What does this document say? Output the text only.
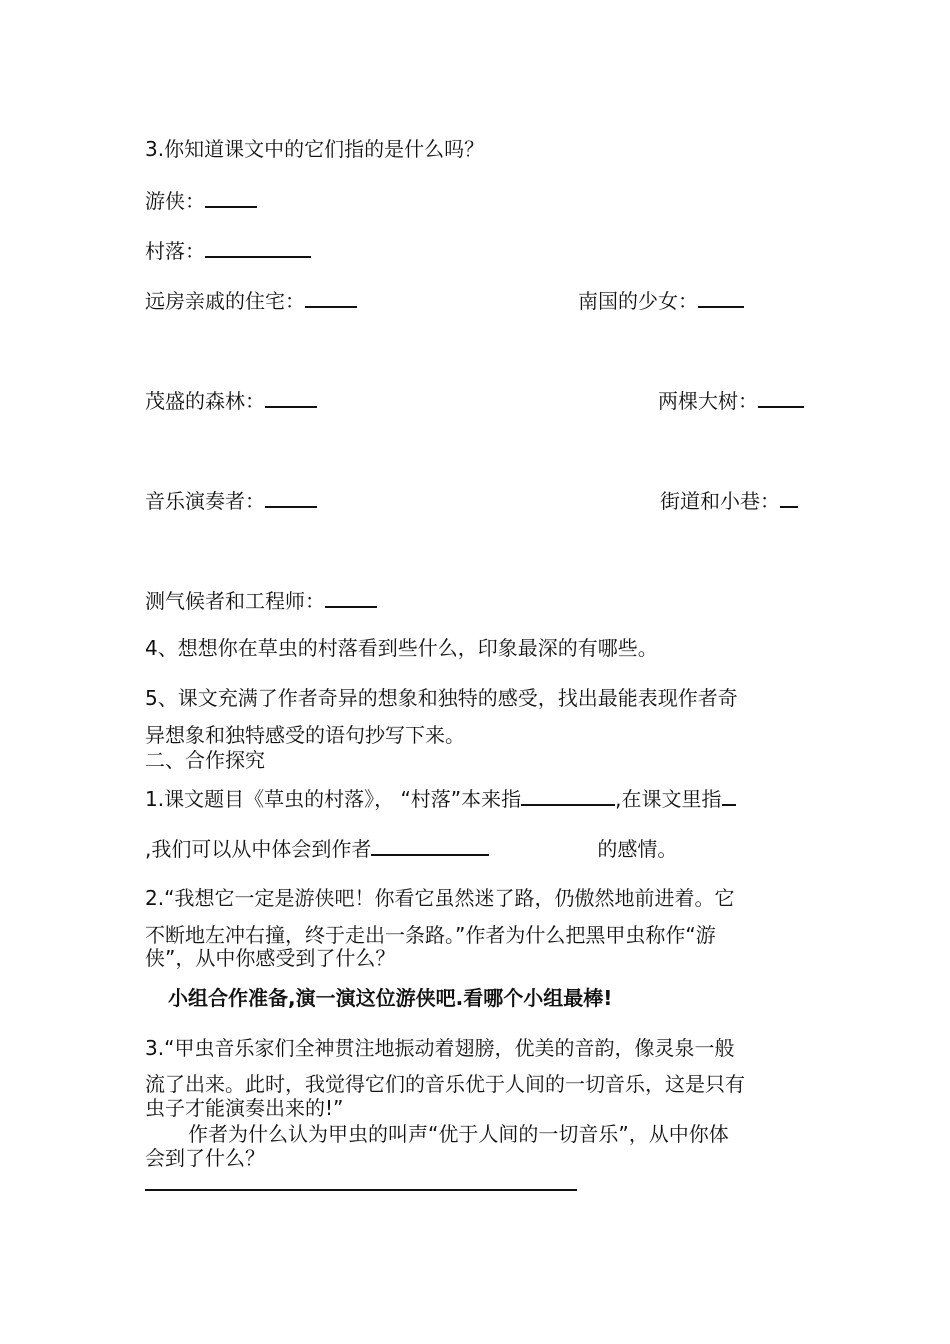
3.你知道课文中的它们指的是什么吗？
游侠：
村落：
远房亲戚的住宅：	南国的少女：
茂盛的森林：	两棵大树：
音乐演奏者：	街道和小巷：
测气候者和工程师：
4、想想你在草虫的村落看到些什么，印象最深的有哪些。
5、课文充满了作者奇异的想象和独特的感受，找出最能表现作者奇
异想象和独特感受的语句抄写下来。
二、合作探究
1.课文题目《草虫的村落》， “村落”本来指	,在课文里指
,我们可以从中体会到作者	的感情。
2.“我想它一定是游侠吧！你看它虽然迷了路，仍傲然地前进着。它
不断地左冲右撞，终于走出一条路。”作者为什么把黑甲虫称作“游
侠”，从中你感受到了什么？
小组合作准备,演一演这位游侠吧.看哪个小组最棒!
3.“甲虫音乐家们全神贯注地振动着翅膀，优美的音韵，像灵泉一般
流了出来。此时，我觉得它们的音乐优于人间的一切音乐，这是只有
虫子才能演奏出来的!”
作者为什么认为甲虫的叫声“优于人间的一切音乐”，从中你体
会到了什么？
